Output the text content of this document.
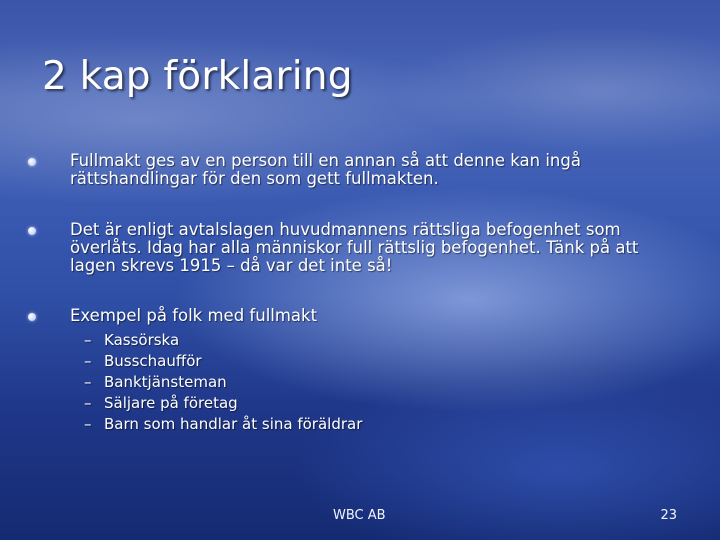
2 kap förklaring
Fullmakt ges av en person till en annan så att denne kan ingå rättshandlingar för den som gett fullmakten.
Det är enligt avtalslagen huvudmannens rättsliga befogenhet som överlåts. Idag har alla människor full rättslig befogenhet. Tänk på att lagen skrevs 1915 – då var det inte så!
Exempel på folk med fullmakt
– Kassörska
– Busschaufför
– Banktjänsteman
– Säljare på företag
– Barn som handlar åt sina föräldrar
WBC AB	23
